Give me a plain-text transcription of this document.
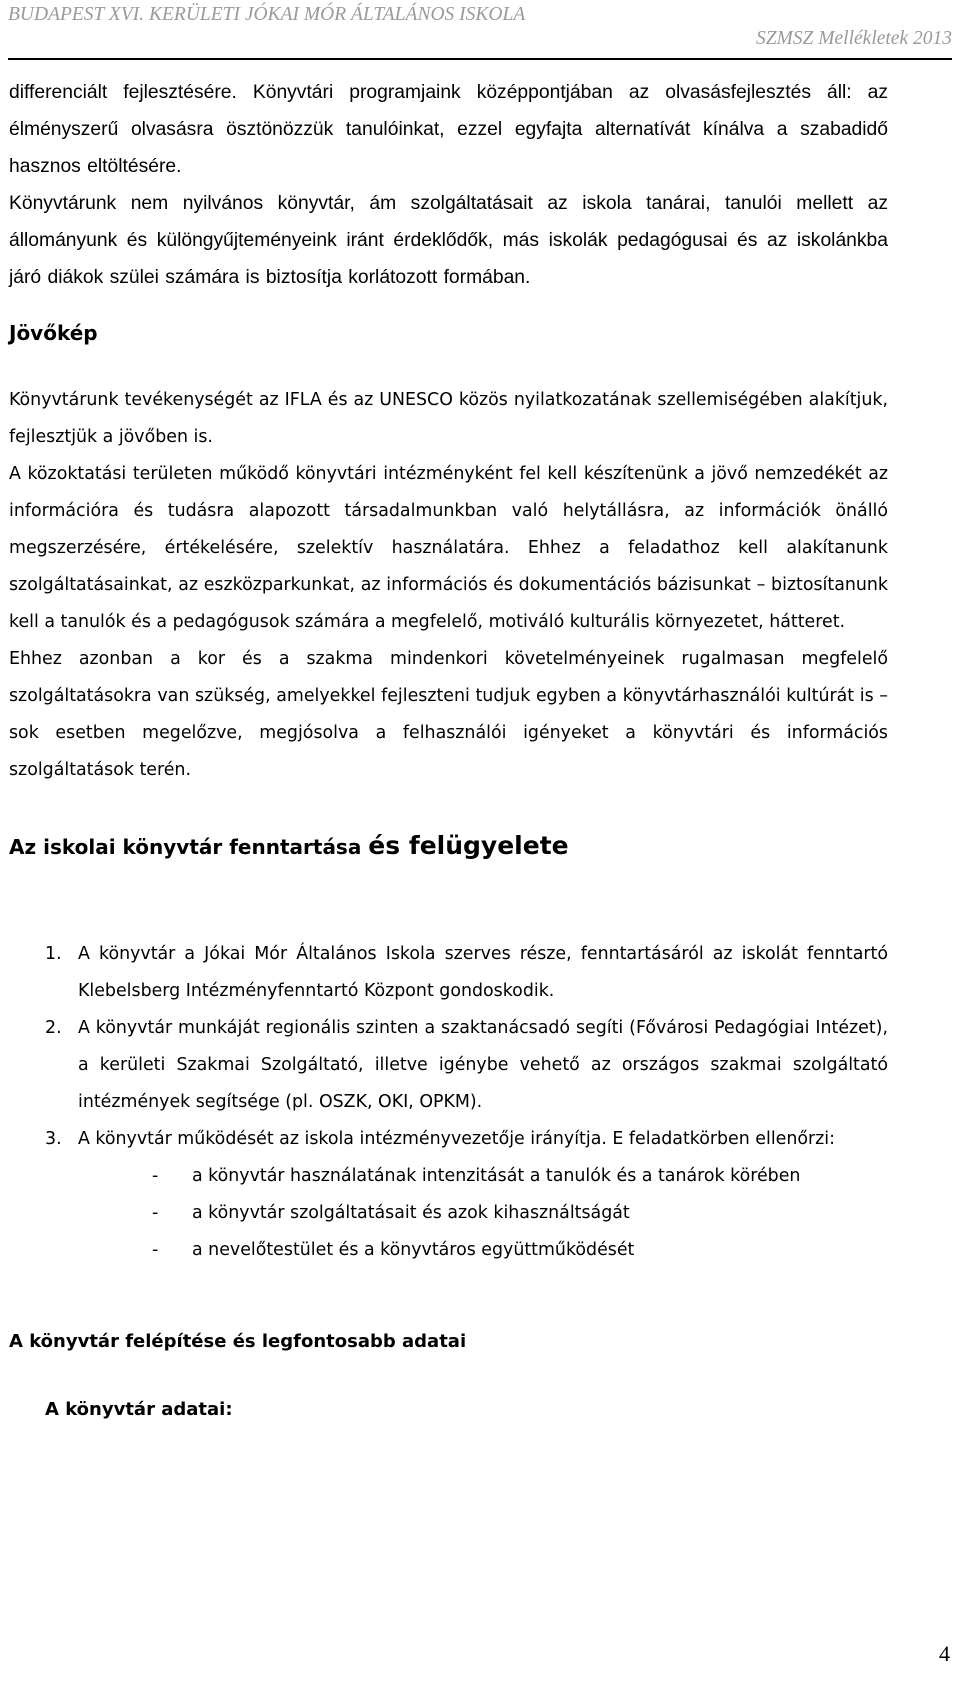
BUDAPEST XVI. KERÜLETI JÓKAI MÓR ÁLTALÁNOS ISKOLA
SZMSZ Mellékletek 2013

differenciált fejlesztésére. Könyvtári programjaink középpontjában az olvasásfejlesztés áll: az élményszerű olvasásra ösztönözzük tanulóinkat, ezzel egyfajta alternatívát kínálva a szabadidő hasznos eltöltésére.

Könyvtárunk nem nyilvános könyvtár, ám szolgáltatásait az iskola tanárai, tanulói mellett az állományunk és különgyűjteményeink iránt érdeklődők, más iskolák pedagógusai és az iskolánkba járó diákok szülei számára is biztosítja korlátozott formában.

Jövőkép

Könyvtárunk tevékenységét az IFLA és az UNESCO közös nyilatkozatának szellemiségében alakítjuk, fejlesztjük a jövőben is.

A közoktatási területen működő könyvtári intézményként fel kell készítenünk a jövő nemzedékét az információra és tudásra alapozott társadalmunkban való helytállásra, az információk önálló megszerzésére, értékelésére, szelektív használatára. Ehhez a feladathoz kell alakítanunk szolgáltatásainkat, az eszközparkunkat, az információs és dokumentációs bázisunkat – biztosítanunk kell a tanulók és a pedagógusok számára a megfelelő, motiváló kulturális környezetet, hátteret.

Ehhez azonban a kor és a szakma mindenkori követelményeinek rugalmasan megfelelő szolgáltatásokra van szükség, amelyekkel fejleszteni tudjuk egyben a könyvtárhasználói kultúrát is – sok esetben megelőzve, megjósolva a felhasználói igényeket a könyvtári és információs szolgáltatások terén.

Az iskolai könyvtár fenntartása és felügyelete
1. A könyvtár a Jókai Mór Általános Iskola szerves része, fenntartásáról az iskolát fenntartó Klebelsberg Intézményfenntartó Központ gondoskodik.

2. A könyvtár munkáját regionális szinten a szaktanácsadó segíti (Fővárosi Pedagógiai Intézet), a kerületi Szakmai Szolgáltató, illetve igénybe vehető az országos szakmai szolgáltató intézmények segítsége (pl. OSZK, OKI, OPKM).

3. A könyvtár működését az iskola intézményvezetője irányítja. E feladatkörben ellenőrzi:

- a könyvtár használatának intenzitását a tanulók és a tanárok körében

- a könyvtár szolgáltatásait és azok kihasználtságát

- a nevelőtestület és a könyvtáros együttműködését

A könyvtár felépítése és legfontosabb adatai
A könyvtár adatai:
4
